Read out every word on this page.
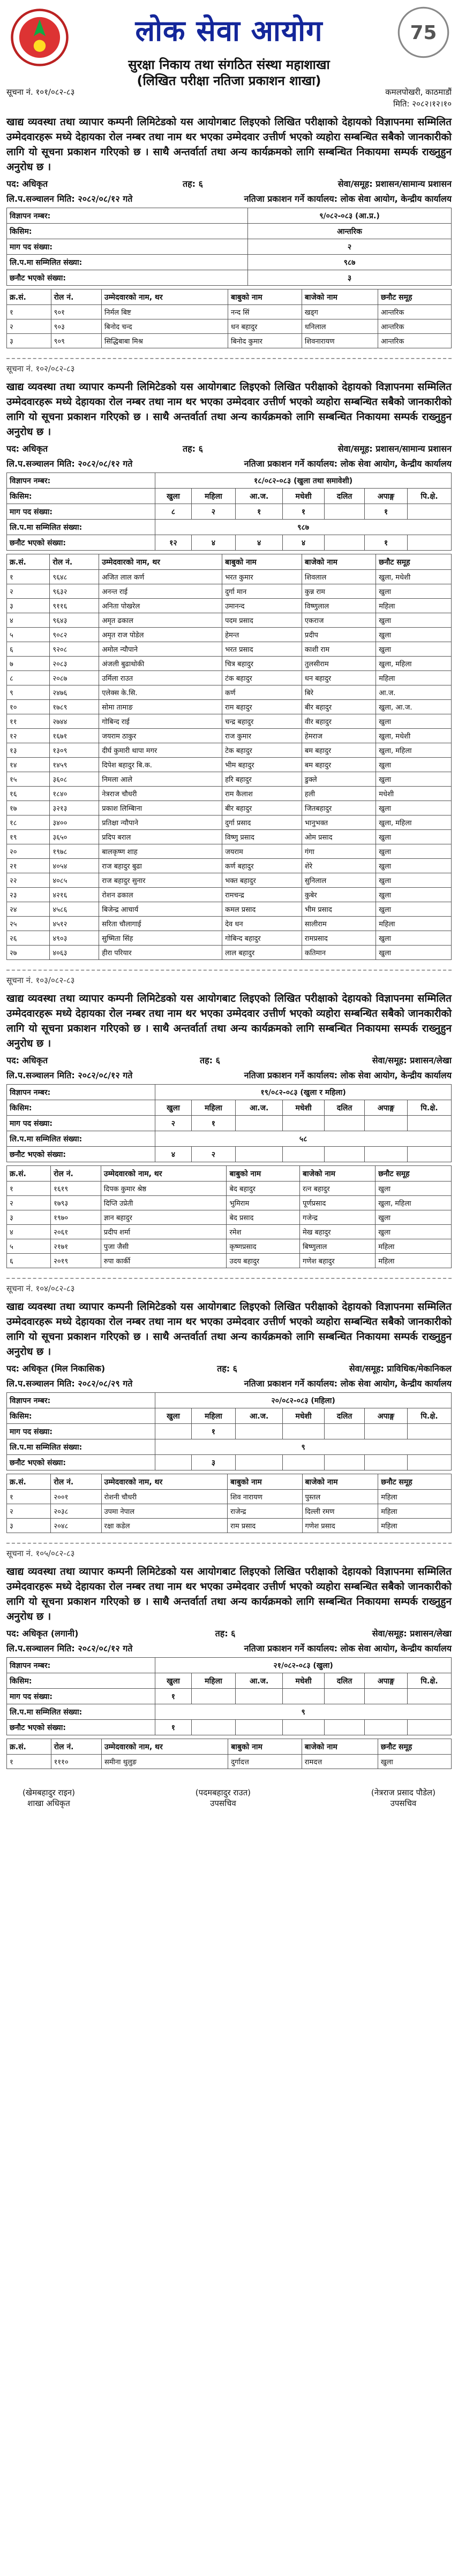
लोक सेवा आयोग	75
सुरक्षा निकाय तथा संगठित संस्था महाशाखा
(लिखित परीक्षा नतिजा प्रकाशन शाखा)
सूचना नं. १०१/०८२-८३	कमलपोखरी, काठमाडौं
मिति: २०८२।१२।१०
खाद्य व्यवस्था तथा व्यापार कम्पनी लिमिटेडको यस आयोगबाट लिइएको लिखित परीक्षाको देहायको विज्ञापनमा सम्मिलित उम्मेदवारहरू मध्ये देहायका रोल नम्बर तथा नाम थर भएका उम्मेदवार उत्तीर्ण भएको व्यहोरा सम्बन्धित सबैको जानकारीको लागि यो सूचना प्रकाशन गरिएको छ । साथै अन्तर्वार्ता तथा अन्य कार्यक्रमको लागि सम्बन्धित निकायमा सम्पर्क राख्नुहुन अनुरोध छ ।
पद: अधिकृत	तह: ६	सेवा/समूह: प्रशासन/सामान्य प्रशासन
लि.प.सञ्चालन मिति: २०८२/०८/१२ गते	नतिजा प्रकाशन गर्ने कार्यालय: लोक सेवा आयोग, केन्द्रीय कार्यालय
विज्ञापन नम्बर:	९/०८२-०८३ (आ.प्र.)
किसिम:	आन्तरिक
माग पद संख्या:	२
लि.प.मा सम्मिलित संख्या:	९८७
छनौट भएको संख्या:	३
क्र.सं.	रोल नं.	उम्मेदवारको नाम, थर	बाबुको नाम	बाजेको नाम	छनौट समूह
१	९०१	निर्मल बिष्ट	नन्द सिं	खड्ग	आन्तरिक
२	९०३	बिनोद चन्द	धन बहादुर	धनिलाल	आन्तरिक
३	९०९	सिद्धिबाबा मिश्र	बिनोद कुमार	शिवनारायण	आन्तरिक
सूचना नं. १०२/०८२-८३
खाद्य व्यवस्था तथा व्यापार कम्पनी लिमिटेडको यस आयोगबाट लिइएको लिखित परीक्षाको देहायको विज्ञापनमा सम्मिलित उम्मेदवारहरू मध्ये देहायका रोल नम्बर तथा नाम थर भएका उम्मेदवार उत्तीर्ण भएको व्यहोरा सम्बन्धित सबैको जानकारीको लागि यो सूचना प्रकाशन गरिएको छ । साथै अन्तर्वार्ता तथा अन्य कार्यक्रमको लागि सम्बन्धित निकायमा सम्पर्क राख्नुहुन अनुरोध छ ।
पद: अधिकृत	तह: ६	सेवा/समूह: प्रशासन/सामान्य प्रशासन
लि.प.सञ्चालन मिति: २०८२/०८/१२ गते	नतिजा प्रकाशन गर्ने कार्यालय: लोक सेवा आयोग, केन्द्रीय कार्यालय
विज्ञापन नम्बर:	१८/०८२-०८३ (खुला तथा समावेशी)						
किसिम:	खुला	महिला	आ.ज.	मधेशी	दलित	अपाङ्ग	पि.क्षे.
माग पद संख्या:	८	२	१	१		१	
लि.प.मा सम्मिलित संख्या:	९८७						
छनौट भएको संख्या:	१२	४	४	४		१	
क्र.सं.	रोल नं.	उम्मेदवारको नाम, थर	बाबुको नाम	बाजेको नाम	छनौट समूह
१	९६४८	अजित लाल कर्ण	भरत कुमार	शिवलाल	खुला, मधेशी
२	९६३२	अनन्त राई	दुर्गा मान	कुन्न राम	खुला
३	९११६	अनिता पोखरेल	उमानन्द	विष्णुलाल	महिला
४	९६४३	अमृत ढकाल	पदम प्रसाद	एकराज	खुला
५	९०८२	अमृत राज पोडेल	हेमन्त	प्रदीप	खुला
६	९२०८	अमोल न्यौपाने	भरत प्रसाद	काशी राम	खुला
७	२०८३	अंजली बुढाथोकी	चित्र बहादुर	तुलसीराम	खुला, महिला
८	२०८७	उर्मिला राउत	टंक बहादुर	धन बहादुर	महिला
९	२४७६	एलेक्स के.सि.	कर्ण	बिरे	आ.ज.
१०	१७८९	सोमा तामाङ	राम बहादुर	बीर बहादुर	खुला, आ.ज.
११	२७४४	गोबिन्द राई	चन्द्र बहादुर	वीर बहादुर	खुला
१२	१६७१	जयराम ठाकुर	राज कुमार	हेमराज	खुला, मधेशी
१३	१३०९	दीर्घ कुमारी थापा मगर	टेक बहादुर	बम बहादुर	खुला, महिला
१४	१४५९	दिपेश बहादुर बि.क.	भीम बहादुर	बम बहादुर	खुला
१५	३६०८	निमला आले	हरि बहादुर	डुक्ले	खुला
१६	१८४०	नेत्रराज चौधरी	राम कैलाश	हली	मधेशी
१७	३२१३	प्रकाश लिम्बिाना	बीर बहादुर	जितबहादुर	खुला
१८	३४००	प्रतिक्षा न्यौपाने	दुर्गा प्रसाद	भानुभक्त	खुला, महिला
१९	३६५०	प्रदिप बराल	विष्णु प्रसाद	ओम प्रसाद	खुला
२०	१९७८	बालकृष्ण शाह	जयराम	गंगा	खुला
२१	४०५४	राज बहादुर बुढा	कर्ण बहादुर	शेरे	खुला
२२	४०८५	राज बहादुर सुनार	भक्त बहादुर	सुनिलाल	खुला
२३	४२१६	रोशन ढकाल	रामचन्द्र	कुबेर	खुला
२४	४५८६	बिजेन्द्र आचार्य	कमल प्रसाद	भीम प्रसाद	खुला
२५	४५१२	सरिता चौलागाई	देव धन	सालीराम	महिला
२६	४९०३	सुष्मिता सिंह	गोबिन्द बहादुर	रामप्रसाद	खुला
२७	४०६३	हीरा परियार	लाल बहादुर	कतिमान	खुला
सूचना नं. १०३/०८२-८३
खाद्य व्यवस्था तथा व्यापार कम्पनी लिमिटेडको यस आयोगबाट लिइएको लिखित परीक्षाको देहायको विज्ञापनमा सम्मिलित उम्मेदवारहरू मध्ये देहायका रोल नम्बर तथा नाम थर भएका उम्मेदवार उत्तीर्ण भएको व्यहोरा सम्बन्धित सबैको जानकारीको लागि यो सूचना प्रकाशन गरिएको छ । साथै अन्तर्वार्ता तथा अन्य कार्यक्रमको लागि सम्बन्धित निकायमा सम्पर्क राख्नुहुन अनुरोध छ ।
पद: अधिकृत	तह: ६	सेवा/समूह: प्रशासन/लेखा
लि.प.सञ्चालन मिति: २०८२/०८/१२ गते	नतिजा प्रकाशन गर्ने कार्यालय: लोक सेवा आयोग, केन्द्रीय कार्यालय
विज्ञापन नम्बर:	१९/०८२-०८३ (खुला र महिला)						
किसिम:	खुला	महिला	आ.ज.	मधेशी	दलित	अपाङ्ग	पि.क्षे.
माग पद संख्या:	२	१					
लि.प.मा सम्मिलित संख्या:	५८						
छनौट भएको संख्या:	४	२					
क्र.सं.	रोल नं.	उम्मेदवारको नाम, थर	बाबुको नाम	बाजेको नाम	छनौट समूह
१	१६१९	दिपक कुमार श्रेष्ठ	बेद बहादुर	रत्न बहादुर	खुला
२	१७९३	दिप्ति उप्रेती	भुमिराम	पूर्णप्रसाद	खुला, महिला
३	१९७०	ज्ञान बहादुर	बेद प्रसाद	गजेन्द्र	खुला
४	२०६१	प्रदीप शर्मा	रमेश	मेख बहादुर	खुला
५	२१७१	पुजा जैसी	कृष्णप्रसाद	बिष्णुलाल	महिला
६	२०१९	रुपा कार्की	उदय बहादुर	गणेश बहादुर	महिला
सूचना नं. १०४/०८२-८३
खाद्य व्यवस्था तथा व्यापार कम्पनी लिमिटेडको यस आयोगबाट लिइएको लिखित परीक्षाको देहायको विज्ञापनमा सम्मिलित उम्मेदवारहरू मध्ये देहायका रोल नम्बर तथा नाम थर भएका उम्मेदवार उत्तीर्ण भएको व्यहोरा सम्बन्धित सबैको जानकारीको लागि यो सूचना प्रकाशन गरिएको छ । साथै अन्तर्वार्ता तथा अन्य कार्यक्रमको लागि सम्बन्धित निकायमा सम्पर्क राख्नुहुन अनुरोध छ ।
पद: अधिकृत (मिल निकासिक)	तह: ६	सेवा/समूह: प्राविधिक/मेकानिकल
लि.प.सञ्चालन मिति: २०८२/०८/२९ गते	नतिजा प्रकाशन गर्ने कार्यालय: लोक सेवा आयोग, केन्द्रीय कार्यालय
विज्ञापन नम्बर:	२०/०८२-०८३ (महिला)						
किसिम:	खुला	महिला	आ.ज.	मधेशी	दलित	अपाङ्ग	पि.क्षे.
माग पद संख्या:		१					
लि.प.मा सम्मिलित संख्या:	९						
छनौट भएको संख्या:		३					
क्र.सं.	रोल नं.	उम्मेदवारको नाम, थर	बाबुको नाम	बाजेको नाम	छनौट समूह
१	२००१	रोशनी चौधरी	शिव नारायण	पुस्तल	महिला
२	२०३८	उपमा नेपाल	राजेन्द्र	दिल्ली रमण	महिला
३	२०४८	रक्षा कडेल	राम प्रसाद	गणेश प्रसाद	महिला
सूचना नं. १०५/०८२-८३
खाद्य व्यवस्था तथा व्यापार कम्पनी लिमिटेडको यस आयोगबाट लिइएको लिखित परीक्षाको देहायको विज्ञापनमा सम्मिलित उम्मेदवारहरू मध्ये देहायका रोल नम्बर तथा नाम थर भएका उम्मेदवार उत्तीर्ण भएको व्यहोरा सम्बन्धित सबैको जानकारीको लागि यो सूचना प्रकाशन गरिएको छ । साथै अन्तर्वार्ता तथा अन्य कार्यक्रमको लागि सम्बन्धित निकायमा सम्पर्क राख्नुहुन अनुरोध छ ।
पद: अधिकृत (लगानी)	तह: ६	सेवा/समूह: प्रशासन/लेखा
लि.प.सञ्चालन मिति: २०८२/०८/१२ गते	नतिजा प्रकाशन गर्ने कार्यालय: लोक सेवा आयोग, केन्द्रीय कार्यालय
विज्ञापन नम्बर:	२१/०८२-०८३ (खुला)						
किसिम:	खुला	महिला	आ.ज.	मधेशी	दलित	अपाङ्ग	पि.क्षे.
माग पद संख्या:	१						
लि.प.मा सम्मिलित संख्या:	९						
छनौट भएको संख्या:	१						
क्र.सं.	रोल नं.	उम्मेदवारको नाम, थर	बाबुको नाम	बाजेको नाम	छनौट समूह
१	१११०	समीना थुलुङ	दुर्गादत्त	रामदत्त	खुला
(खेमबहादुर राइन)
शाखा अधिकृत
(पदमबहादुर राउत)
उपसचिव
(नेत्रराज प्रसाद पौडेल)
उपसचिव
